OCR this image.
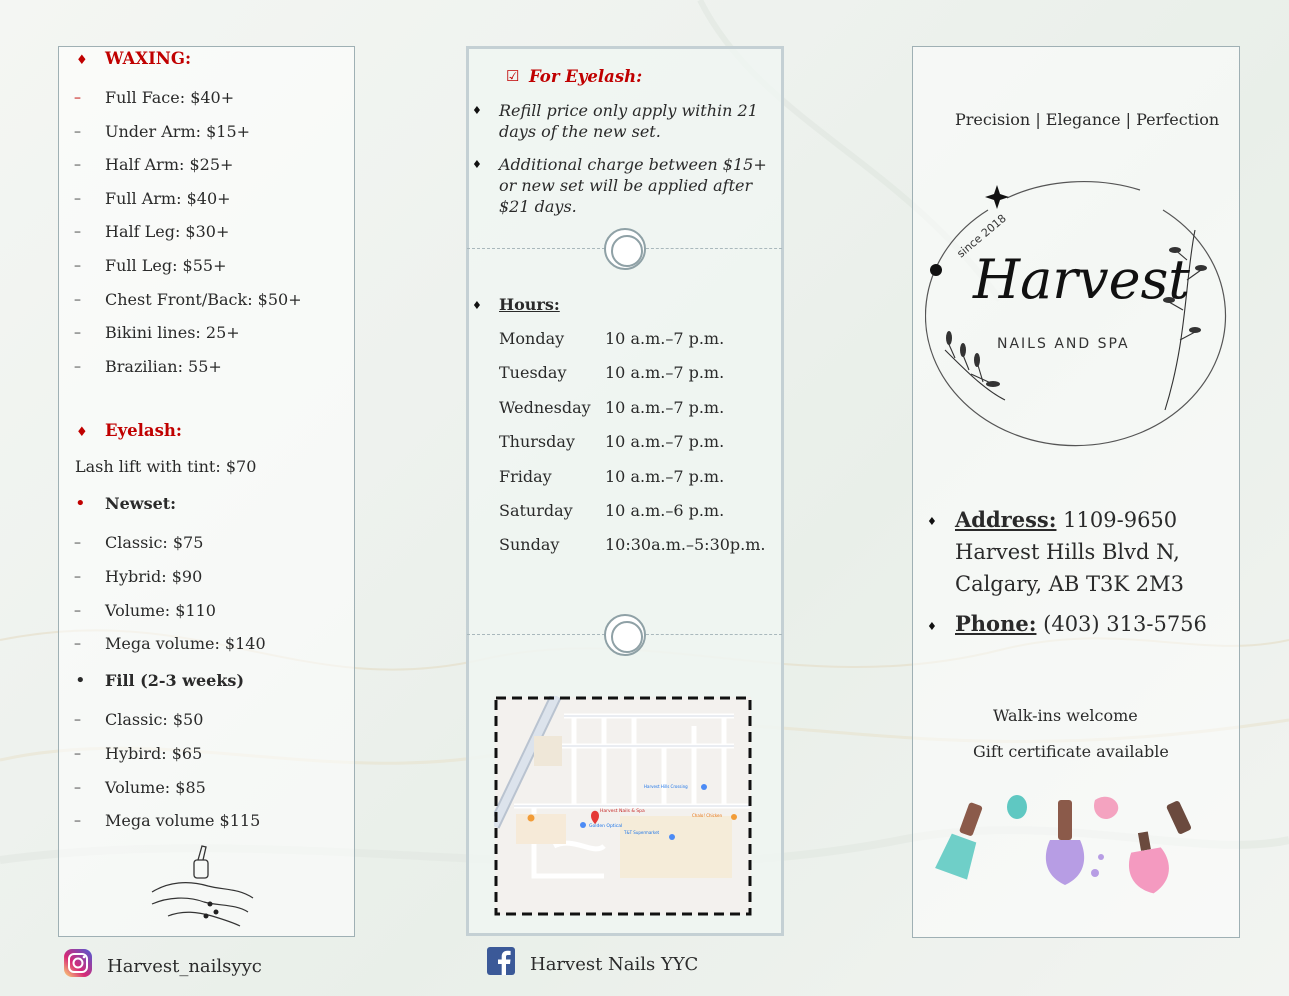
♦ WAXING:
– Full Face: $40+
– Under Arm: $15+
– Half Arm: $25+
– Full Arm: $40+
– Half Leg: $30+
– Full Leg: $55+
– Chest Front/Back: $50+
– Bikini lines: 25+
– Brazilian: 55+
♦ Eyelash:
Lash lift with tint: $70
• Newset:
– Classic: $75
– Hybrid: $90
– Volume: $110
– Mega volume: $140
• Fill (2-3 weeks)
– Classic: $50
– Hybird: $65
– Volume: $85
– Mega volume $115
☑ For Eyelash:
♦ Refill price only apply within 21 days of the new set.
♦ Additional charge between $15+ or new set will be applied after $21 days.
♦ Hours:
Monday	10 a.m.–7 p.m.
Tuesday 10 a.m.–7 p.m.
Wednesday 10 a.m.–7 p.m.
Thursday 10 a.m.–7 p.m.
Friday	10 a.m.–7 p.m.
Saturday 10 a.m.–6 p.m.
Sunday	10:30a.m.–5:30p.m.
Harvest Nails & Spa
Golden Optical
T&T Supermarket
Harvest Hills Crossing
Chalo! Chicken
Precision | Elegance | Perfection
since 2018
Harvest
NAILS AND SPA
♦ Address: 1109-9650 Harvest Hills Blvd N, Calgary, AB T3K 2M3
♦ Phone: (403) 313-5756
Walk-ins welcome
Gift certificate available
Harvest_nailsyyc	Harvest Nails YYC
